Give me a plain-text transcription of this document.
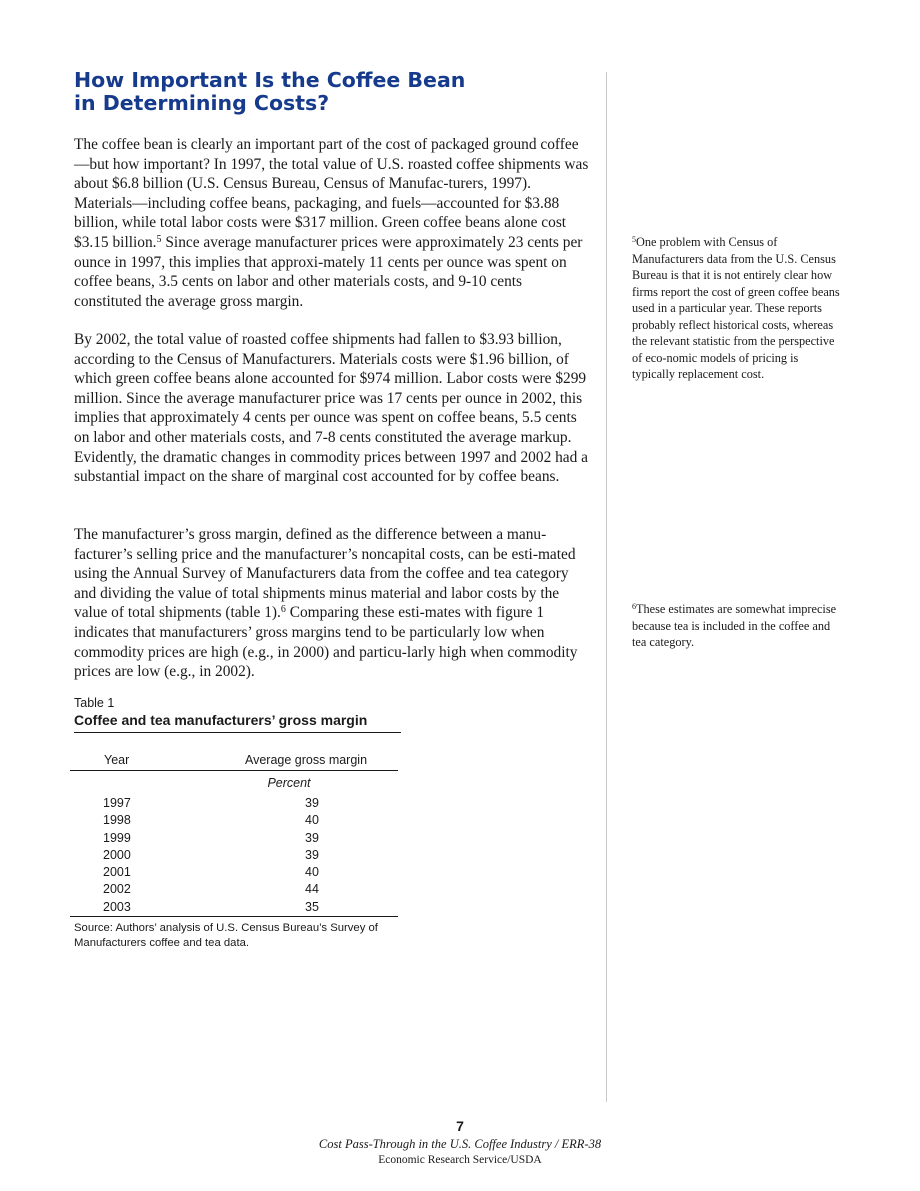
How Important Is the Coffee Bean
in Determining Costs?

The coffee bean is clearly an important part of the cost of packaged ground coffee—but how important? In 1997, the total value of U.S. roasted coffee shipments was about $6.8 billion (U.S. Census Bureau, Census of Manufac-turers, 1997). Materials—including coffee beans, packaging, and fuels—accounted for $3.88 billion, while total labor costs were $317 million. Green coffee beans alone cost $3.15 billion.$^5$ Since average manufacturer prices were approximately 23 cents per ounce in 1997, this implies that approxi-mately 11 cents per ounce was spent on coffee beans, 3.5 cents on labor and other materials costs, and 9-10 cents constituted the average gross margin.

By 2002, the total value of roasted coffee shipments had fallen to $3.93 billion, according to the Census of Manufacturers. Materials costs were $1.96 billion, of which green coffee beans alone accounted for $974 million. Labor costs were $299 million. Since the average manufacturer price was 17 cents per ounce in 2002, this implies that approximately 4 cents per ounce was spent on coffee beans, 5.5 cents on labor and other materials costs, and 7-8 cents constituted the average markup. Evidently, the dramatic changes in commodity prices between 1997 and 2002 had a substantial impact on the share of marginal cost accounted for by coffee beans.

The manufacturer’s gross margin, defined as the difference between a manu-facturer’s selling price and the manufacturer’s noncapital costs, can be esti-mated using the Annual Survey of Manufacturers data from the coffee and tea category and dividing the value of total shipments minus material and labor costs by the value of total shipments (table 1).$^6$ Comparing these esti-mates with figure 1 indicates that manufacturers’ gross margins tend to be particularly low when commodity prices are high (e.g., in 2000) and particu-larly high when commodity prices are low (e.g., in 2002).

$^5$One problem with Census of Manufacturers data from the U.S. Census Bureau is that it is not entirely clear how firms report the cost of green coffee beans used in a particular year. These reports probably reflect historical costs, whereas the relevant statistic from the perspective of eco-nomic models of pricing is typically replacement cost.

$^6$These estimates are somewhat imprecise because tea is included in the coffee and tea category.

Table 1
Coffee and tea manufacturers’ gross margin
Year	Average gross margin
Percent	
1997	39
1998	40
1999	39
2000	39
2001	40
2002	44
2003	35
Source: Authors’ analysis of U.S. Census Bureau’s Survey of Manufacturers coffee and tea data.
7
Cost Pass-Through in the U.S. Coffee Industry / ERR-38
Economic Research Service/USDA
